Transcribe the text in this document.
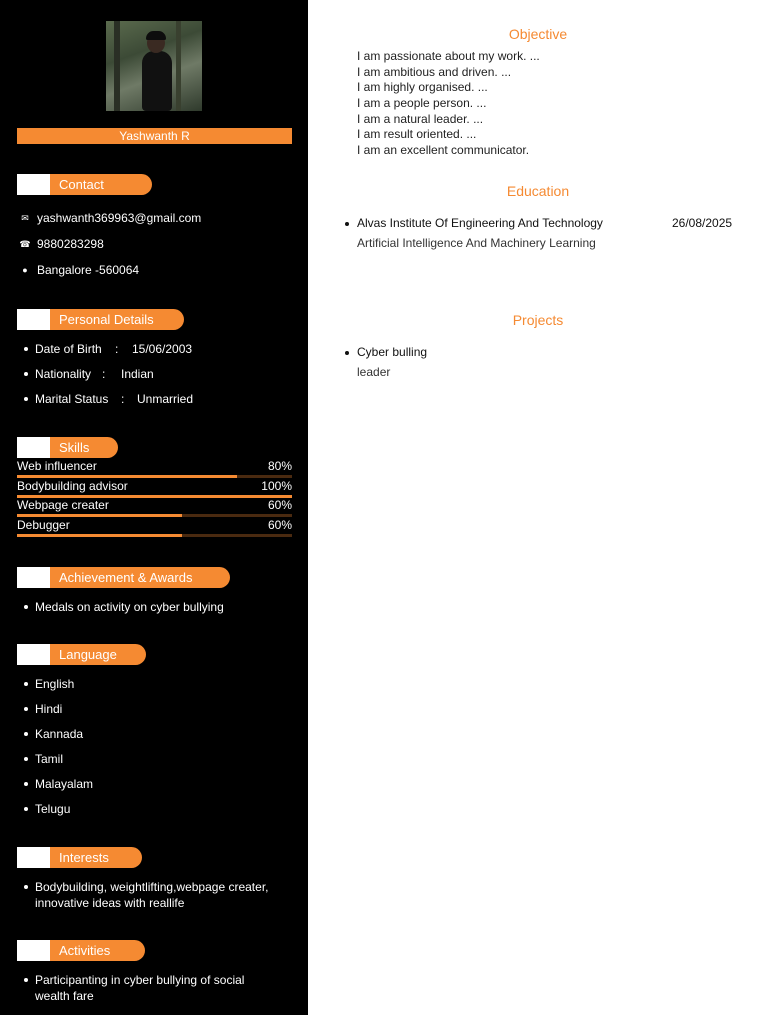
Yashwanth R
Contact
✉ yashwanth369963@gmail.com
☎ 9880283298
● Bangalore -560064
Personal Details
Date of Birth	:	15/06/2003
Nationality :	Indian
Marital Status	:	Unmarried
Skills
Web influencer	80%
Bodybuilding advisor	100%
Webpage creater	60%
Debugger	60%
Achievement & Awards
Medals on activity on cyber bullying
Language
English
Hindi
Kannada
Tamil
Malayalam
Telugu
Interests
Bodybuilding, weightlifting,webpage creater,
innovative ideas with reallife
Activities
Participanting in cyber bullying of social
wealth fare
Objective
I am passionate about my work. ...
I am ambitious and driven. ...
I am highly organised. ...
I am a people person. ...
I am a natural leader. ...
I am result oriented. ...
I am an excellent communicator.
Education
Alvas Institute Of Engineering And Technology	26/08/2025
Artificial Intelligence And Machinery Learning
Projects
Cyber bulling
leader
